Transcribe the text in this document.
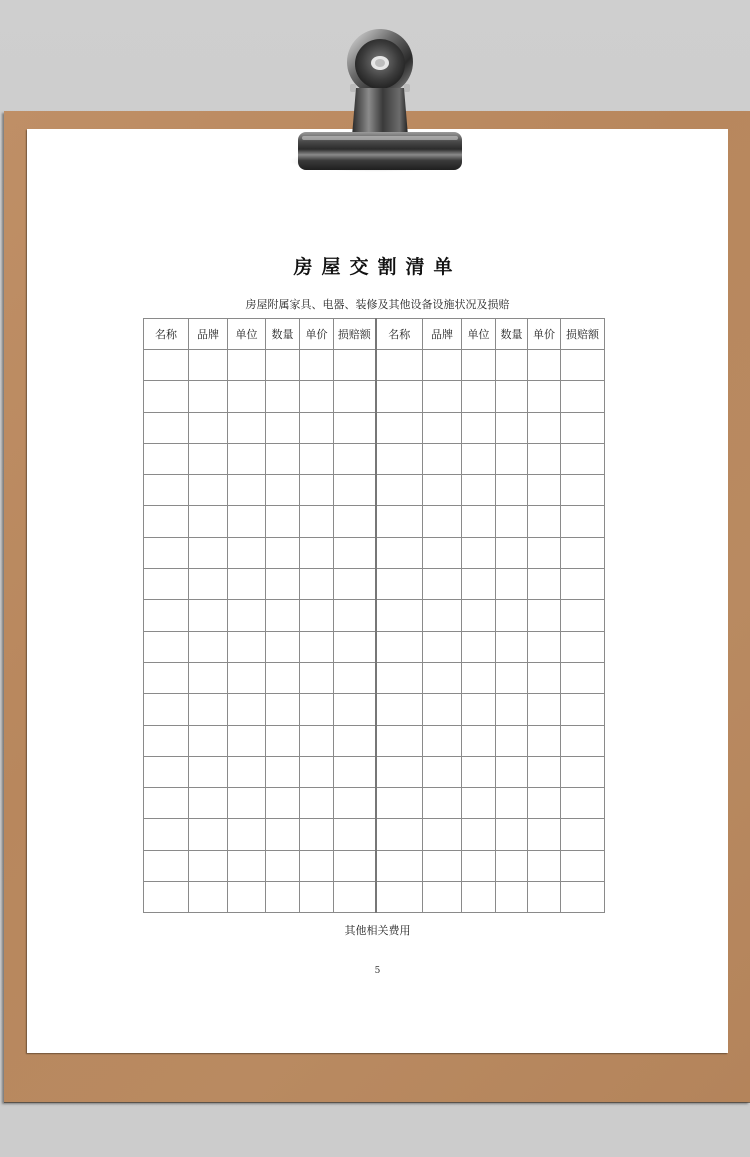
房屋交割清单
房屋附属家具、电器、装修及其他设备设施状况及损赔
名称	品牌	单位	数量	单价	损赔额	名称	品牌	单位	数量	单价	损赔额

其他相关费用
5
